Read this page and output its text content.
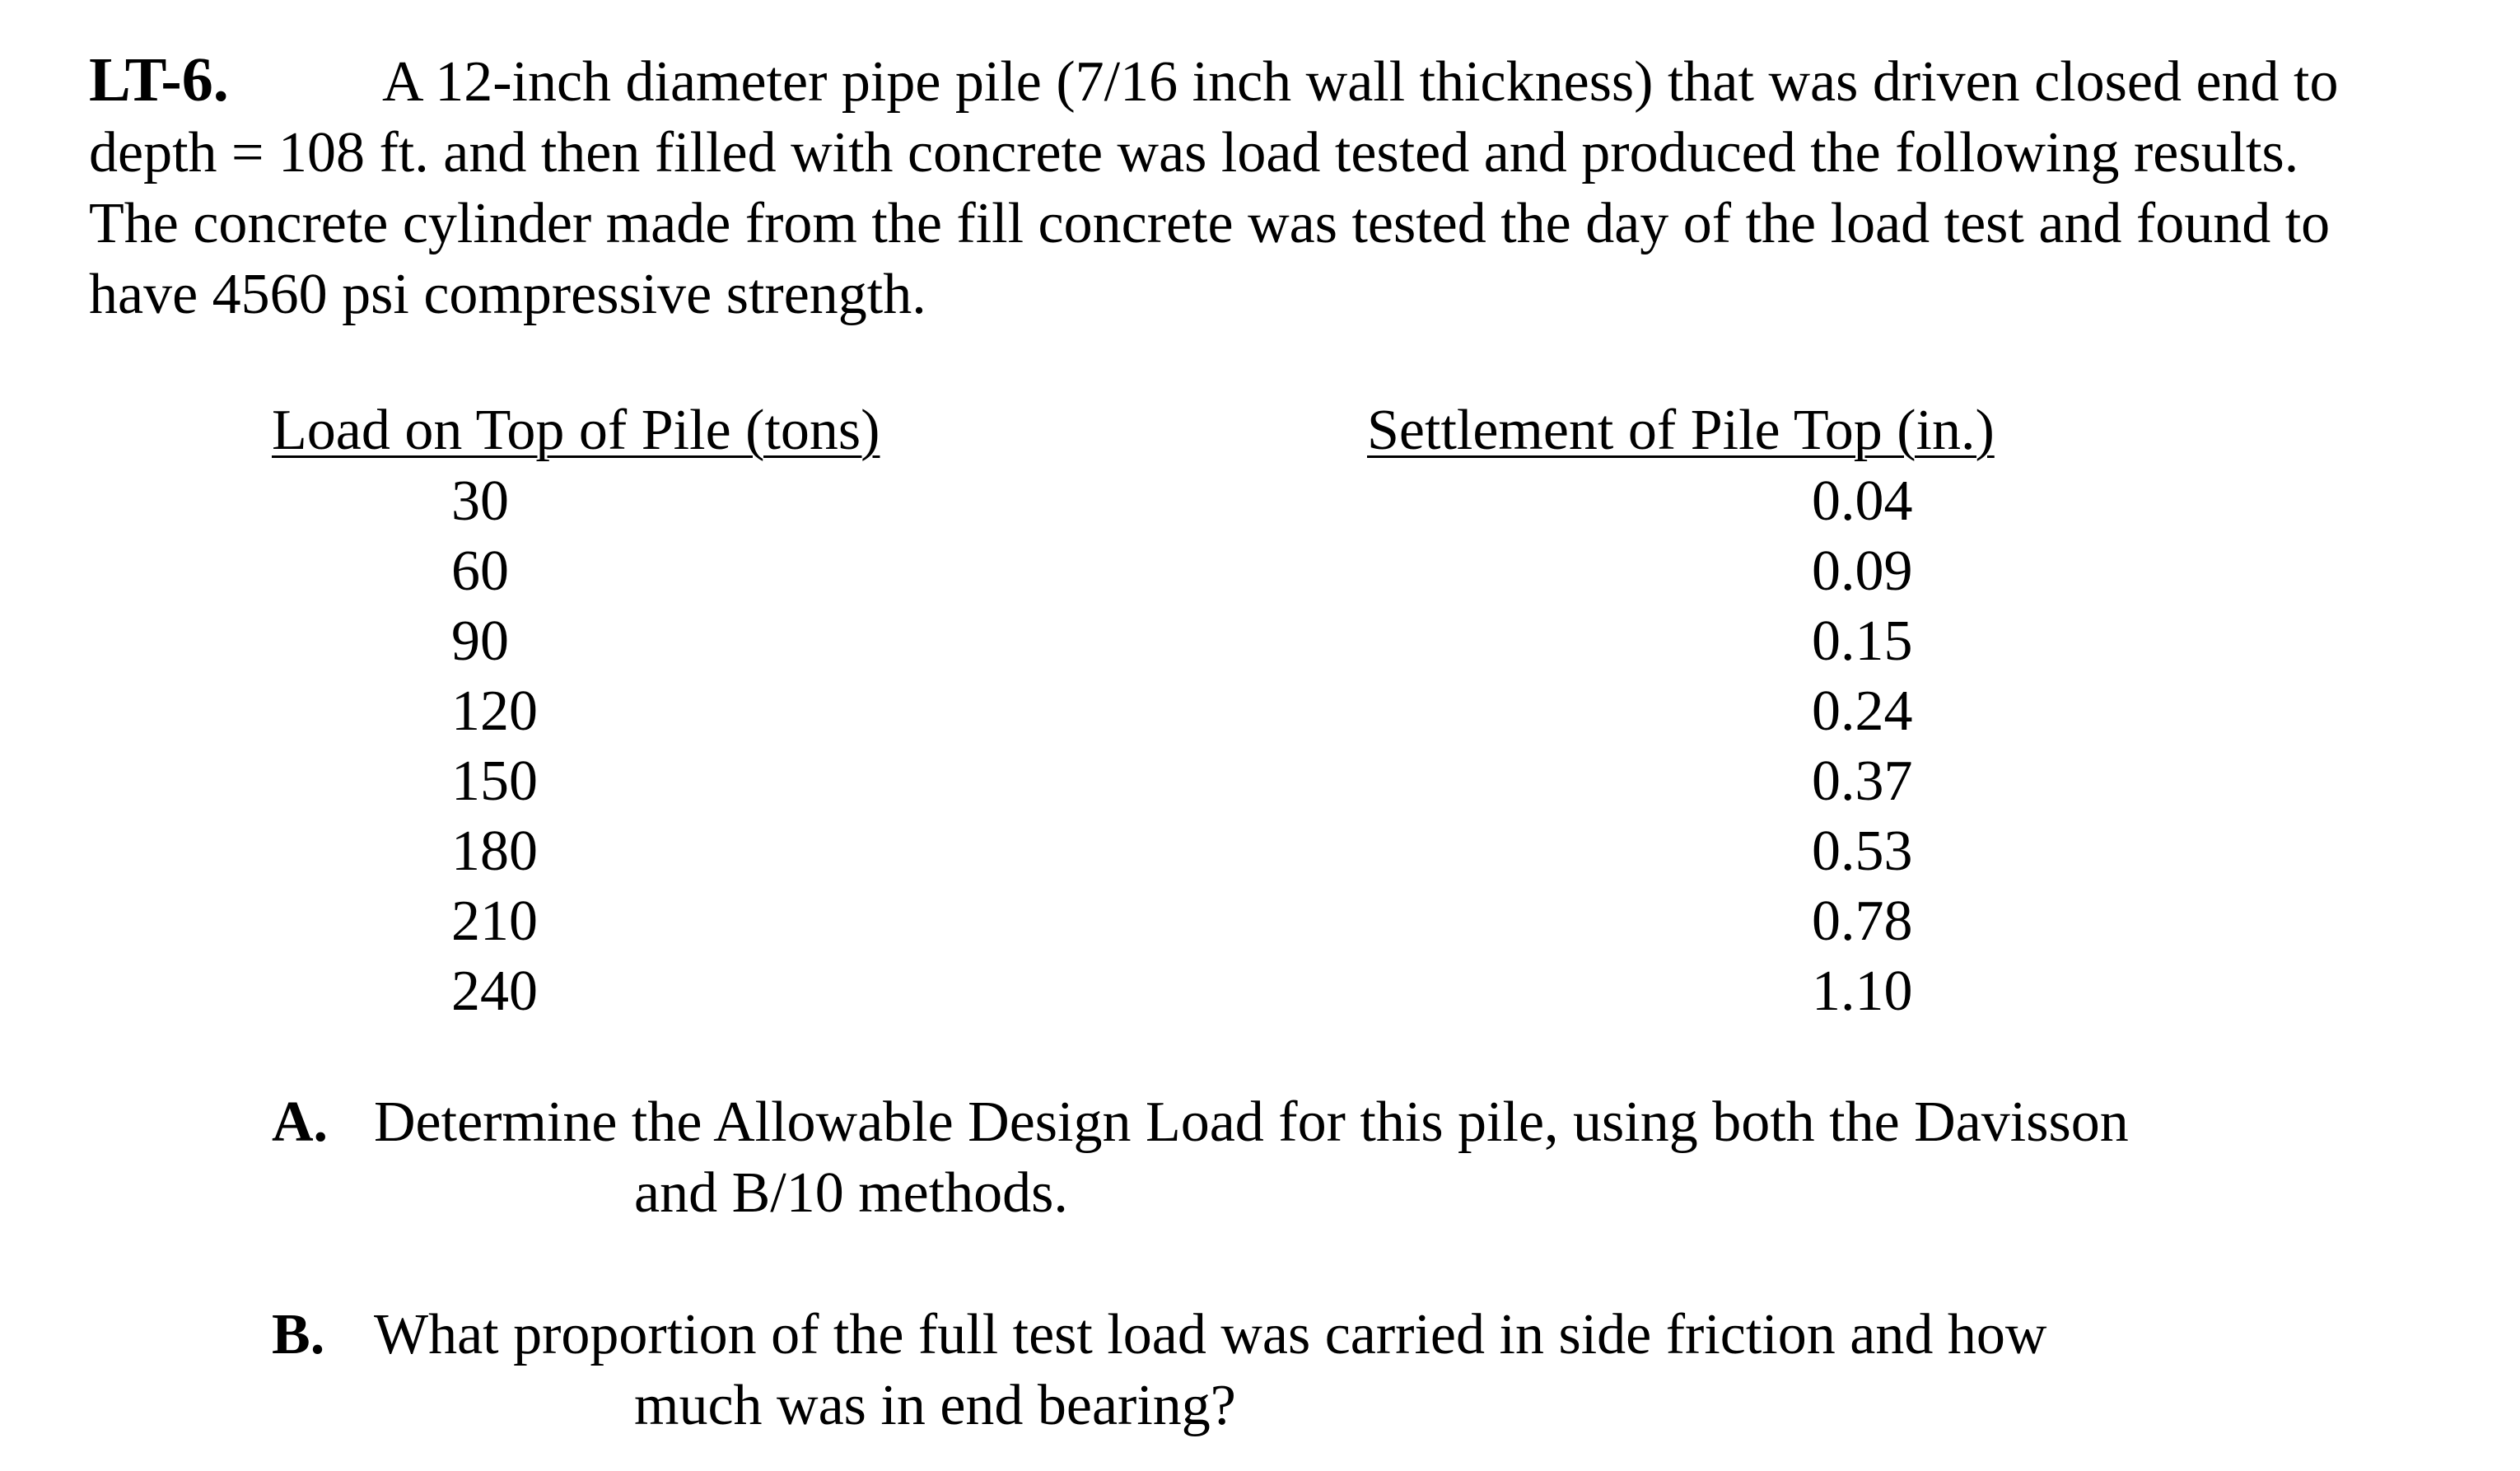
LT-6.	A 12-inch diameter pipe pile (7/16 inch wall thickness) that was driven closed end to
depth = 108 ft. and then filled with concrete was load tested and produced the following results.
The concrete cylinder made from the fill concrete was tested the day of the load test and found to
have 4560 psi compressive strength.
Load on Top of Pile (tons)
30
60
90
120
150
180
210
240
Settlement of Pile Top (in.)
0.04
0.09
0.15
0.24
0.37
0.53
0.78
1.10
A. Determine the Allowable Design Load for this pile, using both the Davisson
and B/10 methods.
B. What proportion of the full test load was carried in side friction and how
much was in end bearing?
